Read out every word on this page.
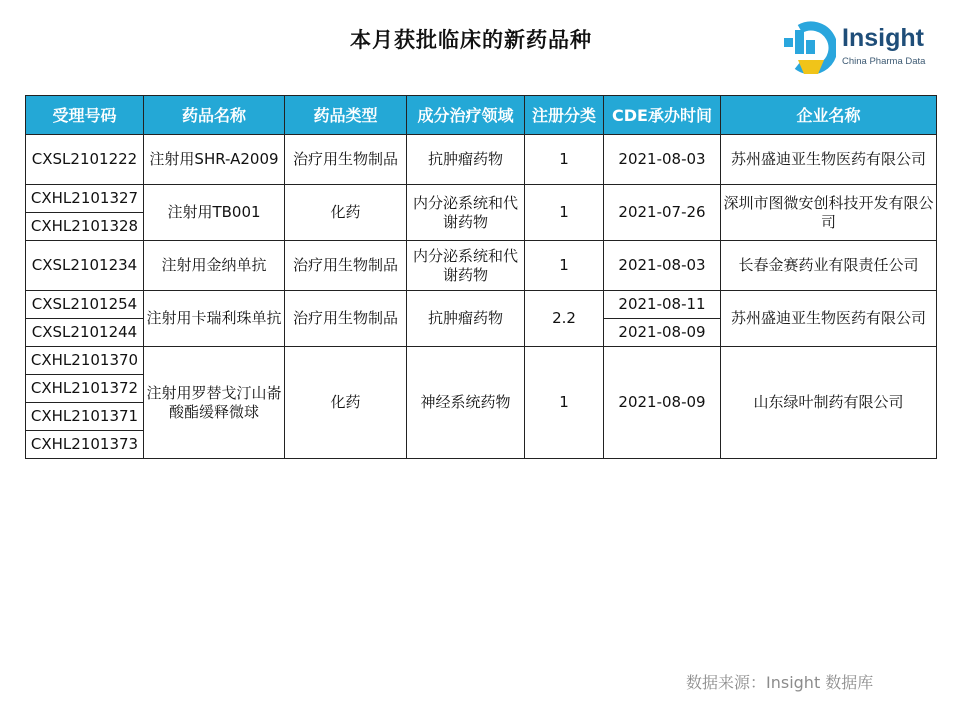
本月获批临床的新药品种	Insight
China Pharma Data
受理号码	药品名称	药品类型	成分治疗领域	注册分类	CDE承办时间	企业名称
CXSL2101222	注射用SHR-A2009	治疗用生物制品	抗肿瘤药物	1	2021-08-03	苏州盛迪亚生物医药有限公司
CXHL2101327	注射用TB001	化药	内分泌系统和代谢药物	1	2021-07-26	深圳市图微安创科技开发有限公司
CXHL2101328						
CXSL2101234	注射用金纳单抗	治疗用生物制品	内分泌系统和代谢药物	1	2021-08-03	长春金赛药业有限责任公司
CXSL2101254	注射用卡瑞利珠单抗	治疗用生物制品	抗肿瘤药物	2.2	2021-08-11	苏州盛迪亚生物医药有限公司
CXSL2101244					2021-08-09	
CXHL2101370	注射用罗替戈汀山嵛酸酯缓释微球	化药	神经系统药物	1	2021-08-09	山东绿叶制药有限公司
CXHL2101372						
CXHL2101371						
CXHL2101373						
数据来源：Insight 数据库
